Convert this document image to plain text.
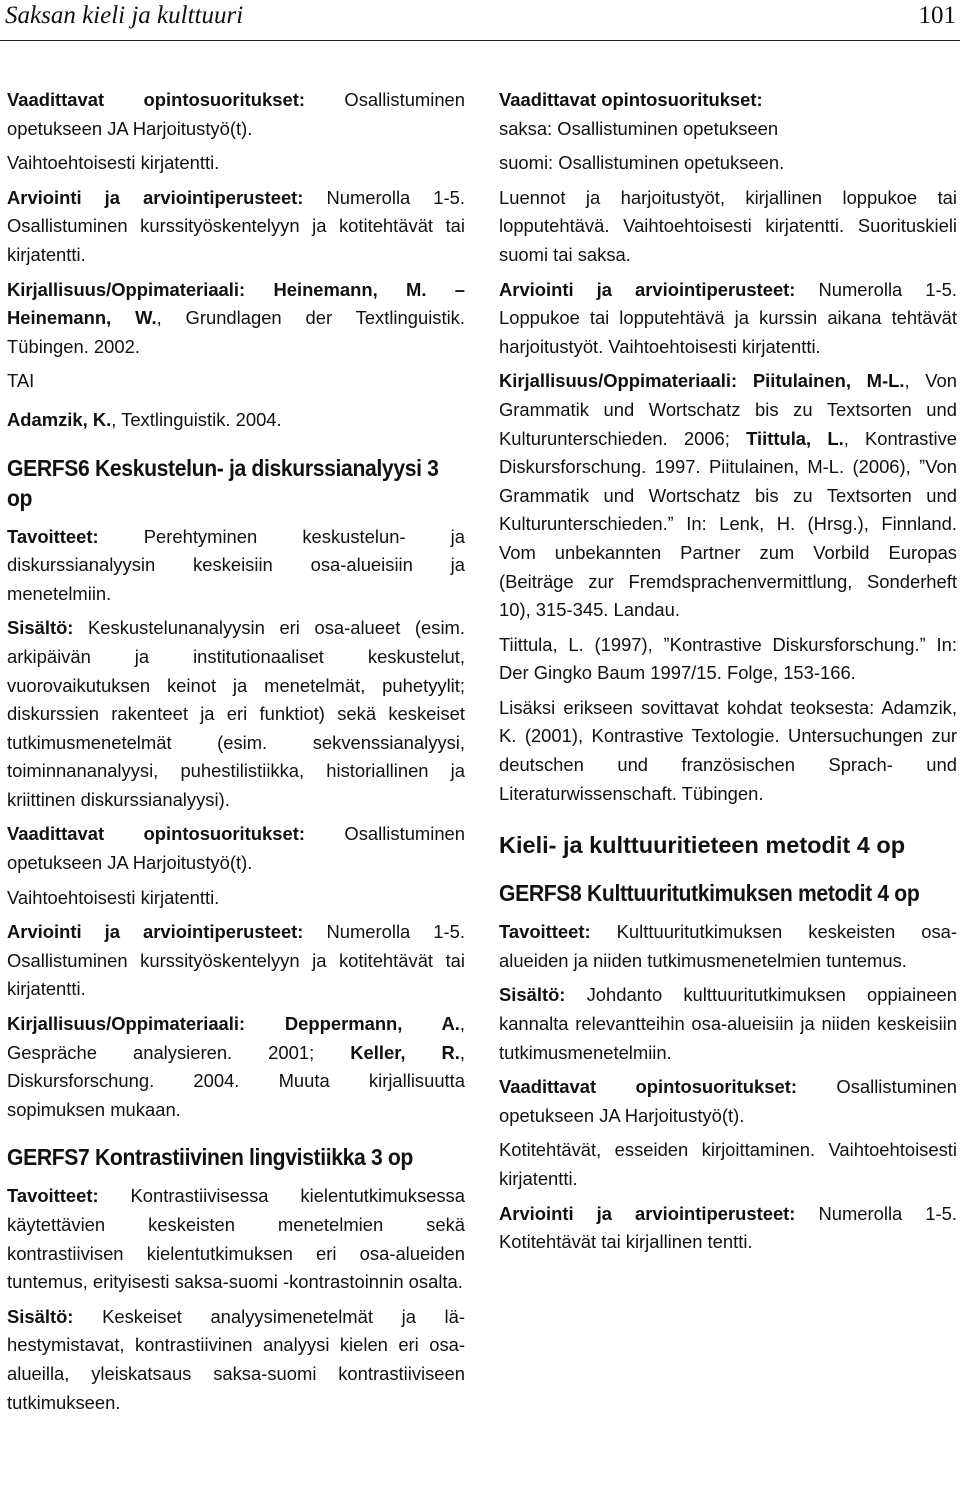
Saksan kieli ja kulttuuri	101

Vaadittavat opintosuoritukset: Osallistuminen opetukseen JA Harjoitustyö(t).

Vaihtoehtoisesti kirjatentti.

Arviointi ja arviointiperusteet: Numerolla 1-5. Osallistuminen kurssityöskentelyyn ja kotitehtävät tai kirjatentti.

Kirjallisuus/Oppimateriaali: Heinemann, M. – Heinemann, W., Grundlagen der Textlinguistik. Tübingen. 2002.

TAI

Adamzik, K., Textlinguistik. 2004.

GERFS6 Keskustelun- ja diskurssianalyysi 3 op

Tavoitteet: Perehtyminen keskustelun- ja diskurssianalyysin keskeisiin osa-alueisiin ja menetelmiin.

Sisältö: Keskustelunanalyysin eri osa-alueet (esim. arkipäivän ja institutionaaliset keskustelut, vuorovaikutuksen keinot ja menetelmät, puhetyylit; diskurssien rakenteet ja eri funktiot) sekä keskeiset tutkimusmenetelmät (esim. sekvenssianalyysi, toiminnananalyysi, puhestilistiikka, historiallinen ja kriittinen diskurssianalyysi).

Vaadittavat opintosuoritukset: Osallistuminen opetukseen JA Harjoitustyö(t).

Vaihtoehtoisesti kirjatentti.

Arviointi ja arviointiperusteet: Numerolla 1-5. Osallistuminen kurssityöskentelyyn ja kotitehtävät tai kirjatentti.

Kirjallisuus/Oppimateriaali: Deppermann, A., Gespräche analysieren. 2001; Keller, R., Diskursforschung. 2004. Muuta kirjallisuutta sopimuksen mukaan.

GERFS7 Kontrastiivinen lingvistiikka 3 op

Tavoitteet: Kontrastiivisessa kielentutkimuksessa käytettävien keskeisten menetelmien sekä kontrastiivisen kielentutkimuksen eri osa-alueiden tuntemus, erityisesti saksa-suomi -kontrastoinnin osalta.

Sisältö: Keskeiset analyysimenetelmät ja lähestymistavat, kontrastiivinen analyysi kielen eri osa-alueilla, yleiskatsaus saksa-suomi kontrastiiviseen tutkimukseen.

Vaadittavat opintosuoritukset:
saksa: Osallistuminen opetukseen

suomi: Osallistuminen opetukseen.

Luennot ja harjoitustyöt, kirjallinen loppukoe tai lopputehtävä. Vaihtoehtoisesti kirjatentti. Suorituskieli suomi tai saksa.

Arviointi ja arviointiperusteet: Numerolla 1-5. Loppukoe tai lopputehtävä ja kurssin aikana tehtävät harjoitustyöt. Vaihtoehtoisesti kirjatentti.

Kirjallisuus/Oppimateriaali: Piitulainen, M-L., Von Grammatik und Wortschatz bis zu Textsorten und Kulturunterschieden. 2006; Tiittula, L., Kontrastive Diskursforschung. 1997. Piitulainen, M-L. (2006), ˮVon Grammatik und Wortschatz bis zu Textsorten und Kulturunterschieden.ˮ In: Lenk, H. (Hrsg.), Finnland. Vom unbekannten Partner zum Vorbild Europas (Beiträge zur Fremdsprachenvermittlung, Sonderheft 10), 315-345. Landau.

Tiittula, L. (1997), ˮKontrastive Diskursforschung.ˮ In: Der Gingko Baum 1997/15. Folge, 153-166.

Lisäksi erikseen sovittavat kohdat teoksesta: Adamzik, K. (2001), Kontrastive Textologie. Untersuchungen zur deutschen und französischen Sprach- und Literaturwissenschaft. Tübingen.

Kieli- ja kulttuuritieteen metodit 4 op
GERFS8 Kulttuuritutkimuksen metodit 4 op

Tavoitteet: Kulttuuritutkimuksen keskeisten osa-alueiden ja niiden tutkimusmenetelmien tuntemus.

Sisältö: Johdanto kulttuuritutkimuksen oppiaineen kannalta relevantteihin osa-alueisiin ja niiden keskeisiin tutkimusmenetelmiin.

Vaadittavat opintosuoritukset: Osallistuminen opetukseen JA Harjoitustyö(t).

Kotitehtävät, esseiden kirjoittaminen. Vaihtoehtoisesti kirjatentti.

Arviointi ja arviointiperusteet: Numerolla 1-5. Kotitehtävät tai kirjallinen tentti.
